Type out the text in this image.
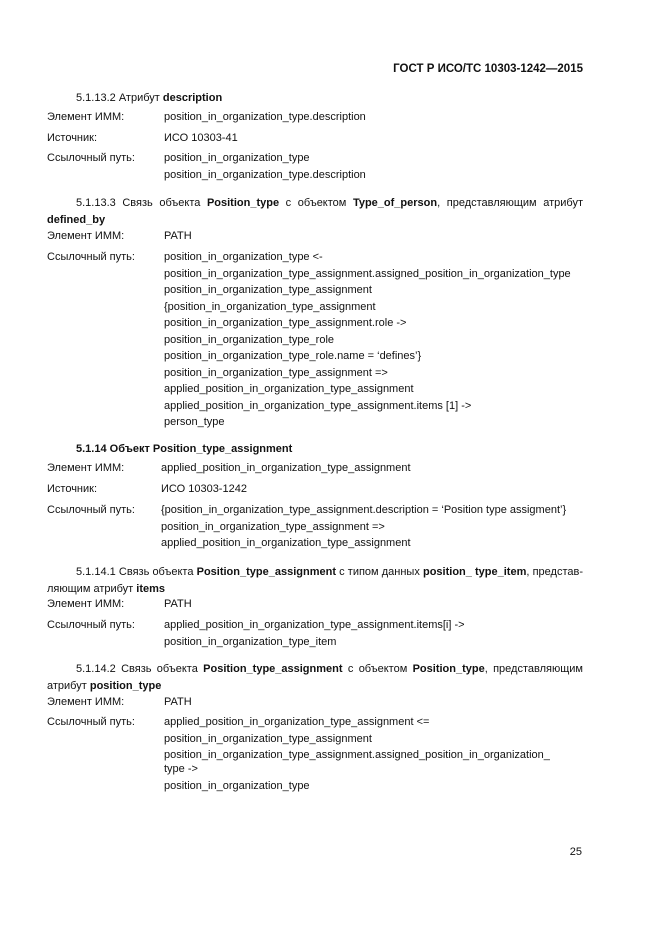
ГОСТ Р ИСО/ТС 10303-1242—2015
5.1.13.2 Атрибут description
Элемент ИММ:	position_in_organization_type.description
Источник:	ИСО 10303-41
Ссылочный путь:	position_in_organization_type
position_in_organization_type.description
5.1.13.3 Связь объекта Position_type с объектом Type_of_person, представляющим атрибут defined_by
Элемент ИММ:	PATH
Ссылочный путь:	position_in_organization_type <-
position_in_organization_type_assignment.assigned_position_in_organization_type
position_in_organization_type_assignment
{position_in_organization_type_assignment
position_in_organization_type_assignment.role ->
position_in_organization_type_role
position_in_organization_type_role.name = ‘defines’}
position_in_organization_type_assignment =>
applied_position_in_organization_type_assignment
applied_position_in_organization_type_assignment.items [1] ->
person_type
5.1.14 Объект Position_type_assignment
Элемент ИММ:	applied_position_in_organization_type_assignment
Источник:	ИСО 10303-1242
Ссылочный путь: {position_in_organization_type_assignment.description = ‘Position type assigment’}
position_in_organization_type_assignment =>
applied_position_in_organization_type_assignment
5.1.14.1 Связь объекта Position_type_assignment с типом данных position_ type_item, представляющим атрибут items
Элемент ИММ:	PATH
Ссылочный путь:	applied_position_in_organization_type_assignment.items[i] ->
position_in_organization_type_item
5.1.14.2 Связь объекта Position_type_assignment с объектом Position_type, представляющим атрибут position_type
Элемент ИММ:	PATH
Ссылочный путь:	applied_position_in_organization_type_assignment <=
position_in_organization_type_assignment
position_in_organization_type_assignment.assigned_position_in_organization_ type ->
position_in_organization_type
25
